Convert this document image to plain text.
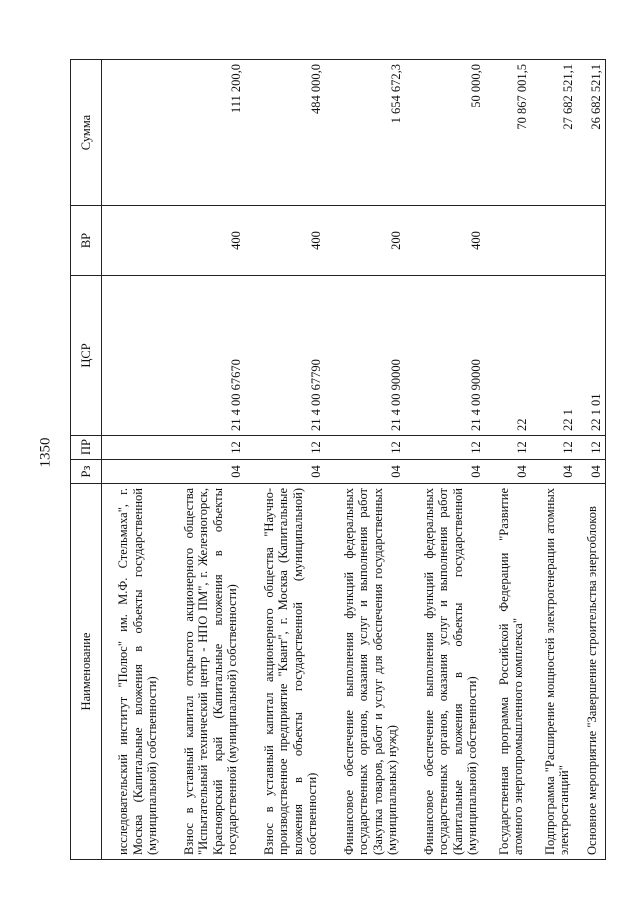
1350
Наименование	Рз	ПР	ЦСР	ВР	Сумма
исследовательский институт "Полюс" им. М.Ф. Стельмаха", г. Москва (Капитальные вложения в объекты государственной (муниципальной) собственности)					
Взнос в уставный капитал открытого акционерного общества "Испытательный технический центр - НПО ПМ", г. Железногорск, Красноярский край (Капитальные вложения в объекты государственной (муниципальной) собственности)	04	12	21 4 00 67670	400	111 200,0
Взнос в уставный капитал акционерного общества "Научно-производственное предприятие "Квант", г. Москва (Капитальные вложения в объекты государственной (муниципальной) собственности)	04	12	21 4 00 67790	400	484 000,0
Финансовое обеспечение выполнения функций федеральных государственных органов, оказания услуг и выполнения работ (Закупка товаров, работ и услуг для обеспечения государственных (муниципальных) нужд)	04	12	21 4 00 90000	200	1 654 672,3
Финансовое обеспечение выполнения функций федеральных государственных органов, оказания услуг и выполнения работ (Капитальные вложения в объекты государственной (муниципальной) собственности)	04	12	21 4 00 90000	400	50 000,0
Государственная программа Российской Федерации "Развитие атомного энергопромышленного комплекса"	04	12	22		70 867 001,5
Подпрограмма "Расширение мощностей электрогенерации атомных электростанций"	04	12	22 1		27 682 521,1
Основное мероприятие "Завершение строительства энергоблоков	04	12	22 1 01		26 682 521,1
